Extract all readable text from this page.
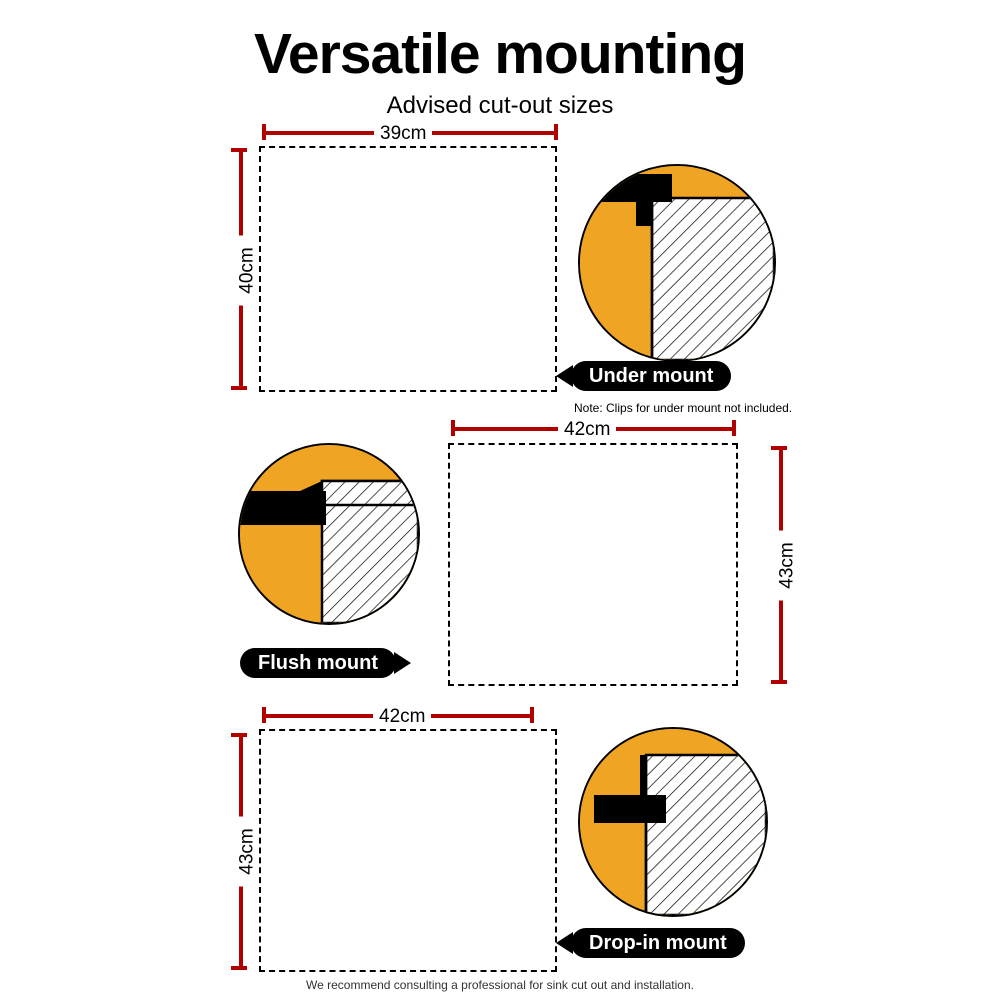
Versatile mounting
Advised cut-out sizes
39cm
40cm
Under mount
Note: Clips for under mount not included.
42cm
43cm
Flush mount
42cm
43cm
Drop-in mount
We recommend consulting a professional for sink cut out and installation.
